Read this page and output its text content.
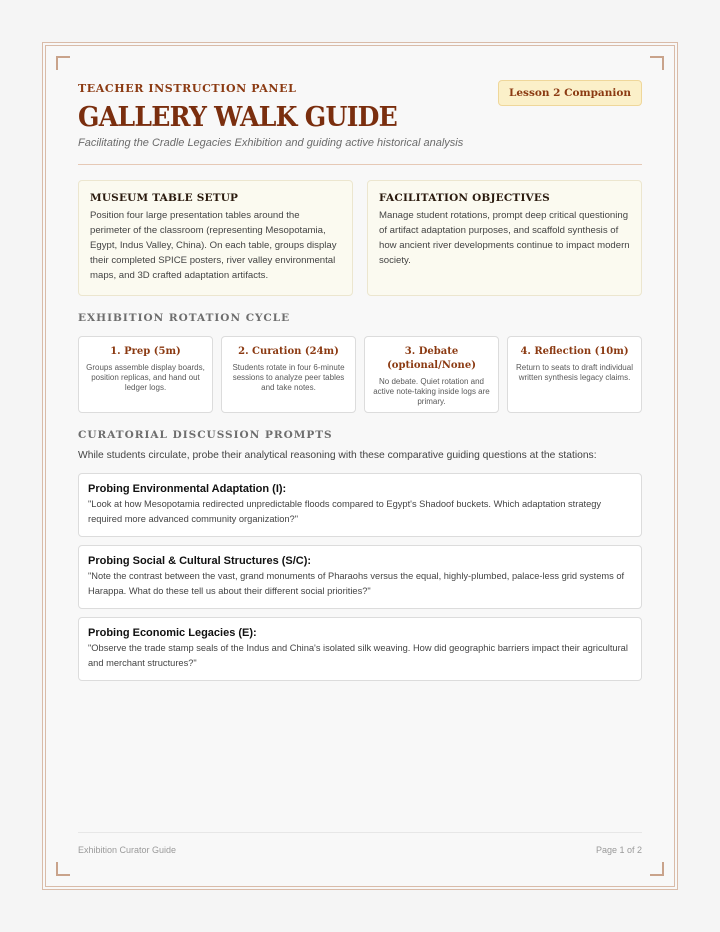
TEACHER INSTRUCTION PANEL	Lesson 2 Companion
GALLERY WALK GUIDE
Facilitating the Cradle Legacies Exhibition and guiding active historical analysis
MUSEUM TABLE SETUP
Position four large presentation tables around the perimeter of the classroom (representing Mesopotamia, Egypt, Indus Valley, China). On each table, groups display their completed SPICE posters, river valley environmental maps, and 3D crafted adaptation artifacts.
FACILITATION OBJECTIVES
Manage student rotations, prompt deep critical questioning of artifact adaptation purposes, and scaffold synthesis of how ancient river developments continue to impact modern society.
EXHIBITION ROTATION CYCLE
1. Prep (5m)
Groups assemble display boards, position replicas, and hand out ledger logs.
2. Curation (24m)
Students rotate in four 6-minute sessions to analyze peer tables and take notes.
3. Debate (optional/None)
No debate. Quiet rotation and active note-taking inside logs are primary.
4. Reflection (10m)
Return to seats to draft individual written synthesis legacy claims.
CURATORIAL DISCUSSION PROMPTS
While students circulate, probe their analytical reasoning with these comparative guiding questions at the stations:
Probing Environmental Adaptation (I):
"Look at how Mesopotamia redirected unpredictable floods compared to Egypt's Shadoof buckets. Which adaptation strategy required more advanced community organization?"
Probing Social & Cultural Structures (S/C):
"Note the contrast between the vast, grand monuments of Pharaohs versus the equal, highly-plumbed, palace-less grid systems of Harappa. What do these tell us about their different social priorities?"
Probing Economic Legacies (E):
"Observe the trade stamp seals of the Indus and China's isolated silk weaving. How did geographic barriers impact their agricultural and merchant structures?"
Exhibition Curator Guide	Page 1 of 2
